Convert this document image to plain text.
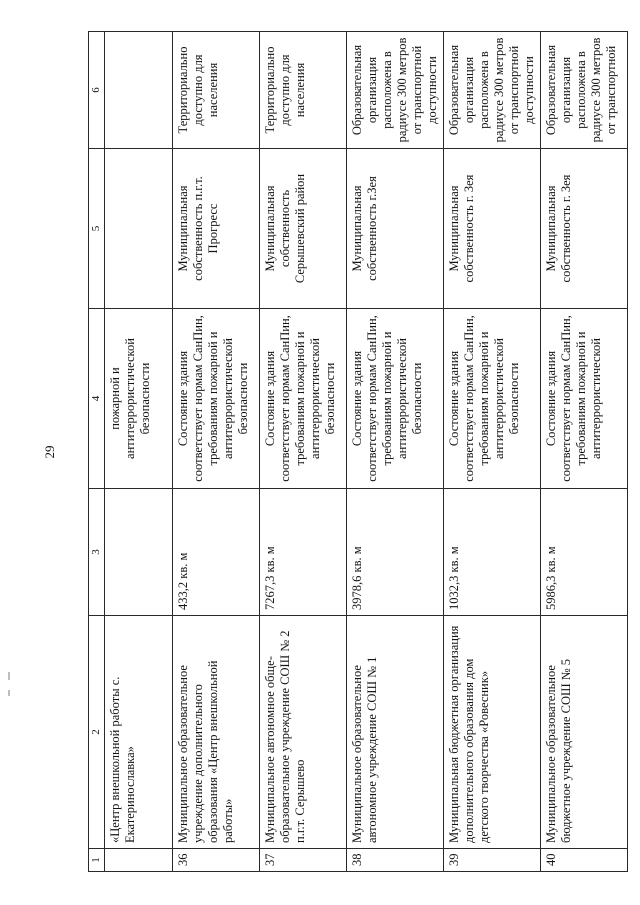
29
1	2	3	4	5	6
	«Центр внешкольной работы с. Екатеринославка»		пожарной и антитеррористической безопасности		
36	Муниципальное образовательное учреждение дополнительного образования «Центр внешкольной работы»	433,2 кв. м	Состояние здания соответствует нормам СанПин, требованиям пожарной и антитеррористической безопасности	Муниципальная собственность п.г.т. Прогресс	Территориально доступно для населения
37	Муниципальное автономное обще-образовательное учреждение СОШ № 2 п.г.т. Серышево	7267,3 кв. м	Состояние здания соответствует нормам СанПин, требованиям пожарной и антитеррористической безопасности	Муниципальная собственность Серышевский район	Территориально доступно для населения
38	Муниципальное образовательное автономное учреждение СОШ № 1	3978,6 кв. м	Состояние здания соответствует нормам СанПин, требованиям пожарной и антитеррористической безопасности	Муниципальная собственность г.Зея	Образовательная организация расположена в радиусе 300 метров от транспортной доступности
39	Муниципальная бюджетная организация дополнительного образования дом детского творчества «Ровесник»	1032,3 кв. м	Состояние здания соответствует нормам СанПин, требованиям пожарной и антитеррористической безопасности	Муниципальная собственность г. Зея	Образовательная организация расположена в радиусе 300 метров от транспортной доступности
40	Муниципальное образовательное бюджетное учреждение СОШ № 5	5986,3 кв. м	Состояние здания соответствует нормам СанПин, требованиям пожарной и антитеррористической	Муниципальная собственность г. Зея	Образовательная организация расположена в радиусе 300 метров от транспортной
